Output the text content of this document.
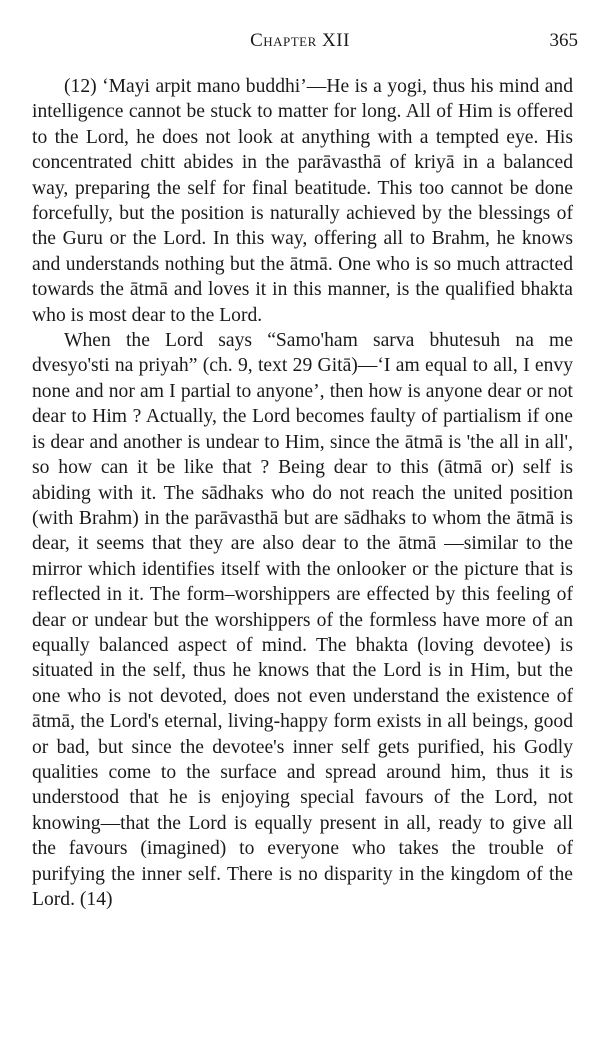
Chapter XII	365

(12) ‘Mayi arpit mano buddhi’—He is a yogi, thus his mind and intelligence cannot be stuck to matter for long. All of Him is offered to the Lord, he does not look at anything with a tempted eye. His concentrated chitt abides in the parāvasthā of kriyā in a balanced way, preparing the self for final beatitude. This too cannot be done forcefully, but the position is naturally achieved by the blessings of the Guru or the Lord. In this way, offering all to Brahm, he knows and understands nothing but the ātmā. One who is so much attracted towards the ātmā and loves it in this manner, is the qualified bhakta who is most dear to the Lord.

When the Lord says “Samo'ham sarva bhutesuh na me dvesyo'sti na priyah” (ch. 9, text 29 Gitā)—‘I am equal to all, I envy none and nor am I partial to anyone’, then how is anyone dear or not dear to Him ? Actually, the Lord becomes faulty of partialism if one is dear and another is undear to Him, since the ātmā is 'the all in all', so how can it be like that ? Being dear to this (ātmā or) self is abiding with it. The sādhaks who do not reach the united position (with Brahm) in the parāvasthā but are sādhaks to whom the ātmā is dear, it seems that they are also dear to the ātmā —similar to the mirror which identifies itself with the onlooker or the picture that is reflected in it. The form–worshippers are effected by this feeling of dear or undear but the worshippers of the formless have more of an equally balanced aspect of mind. The bhakta (loving devotee) is situated in the self, thus he knows that the Lord is in Him, but the one who is not devoted, does not even understand the existence of ātmā, the Lord's eternal, living-happy form exists in all beings, good or bad, but since the devotee's inner self gets purified, his Godly qualities come to the surface and spread around him, thus it is understood that he is enjoying special favours of the Lord, not knowing—that the Lord is equally present in all, ready to give all the favours (imagined) to everyone who takes the trouble of purifying the inner self. There is no disparity in the kingdom of the Lord. (14)
